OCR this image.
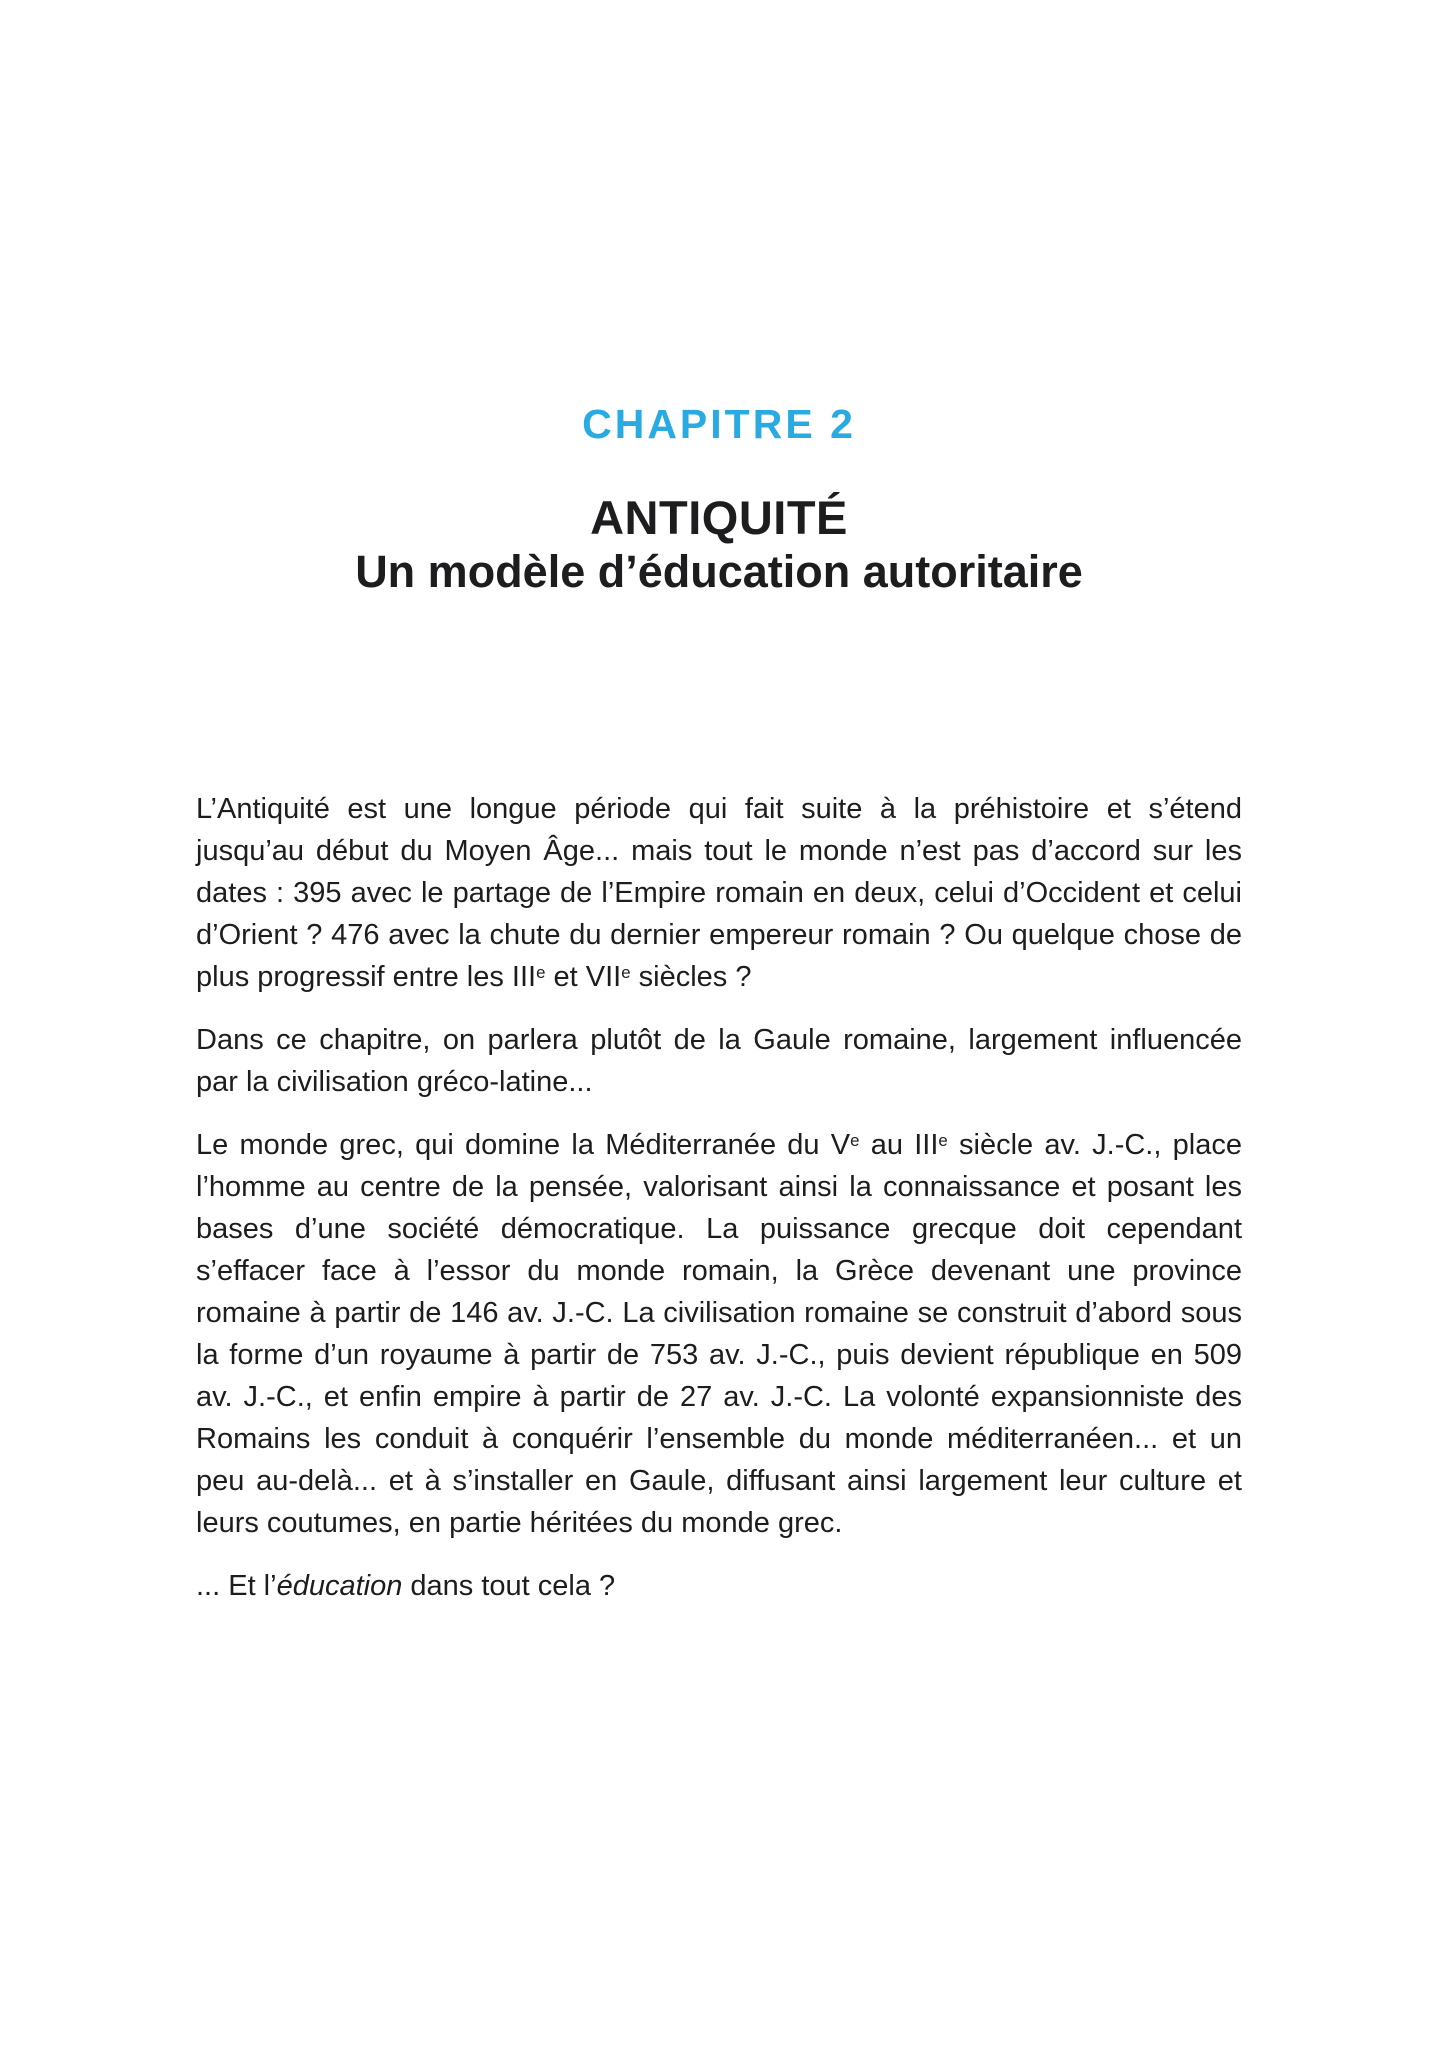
CHAPITRE 2
ANTIQUITÉ
Un modèle d’éducation autoritaire

L’Antiquité est une longue période qui fait suite à la préhistoire et s’étend jusqu’au début du Moyen Âge... mais tout le monde n’est pas d’accord sur les dates : 395 avec le partage de l’Empire romain en deux, celui d’Occident et celui d’Orient ? 476 avec la chute du dernier empereur romain ? Ou quelque chose de plus progressif entre les IIIe et VIIe siècles ?

Dans ce chapitre, on parlera plutôt de la Gaule romaine, largement influencée par la civilisation gréco-latine...

Le monde grec, qui domine la Méditerranée du Ve au IIIe siècle av. J.-C., place l’homme au centre de la pensée, valorisant ainsi la connaissance et posant les bases d’une société démocratique. La puissance grecque doit cependant s’effacer face à l’essor du monde romain, la Grèce devenant une province romaine à partir de 146 av. J.-C. La civilisation romaine se construit d’abord sous la forme d’un royaume à partir de 753 av. J.-C., puis devient république en 509 av. J.-C., et enfin empire à partir de 27 av. J.-C. La volonté expansionniste des Romains les conduit à conquérir l’ensemble du monde méditerranéen... et un peu au-delà... et à s’installer en Gaule, diffusant ainsi largement leur culture et leurs coutumes, en partie héritées du monde grec.

... Et l’éducation dans tout cela ?
